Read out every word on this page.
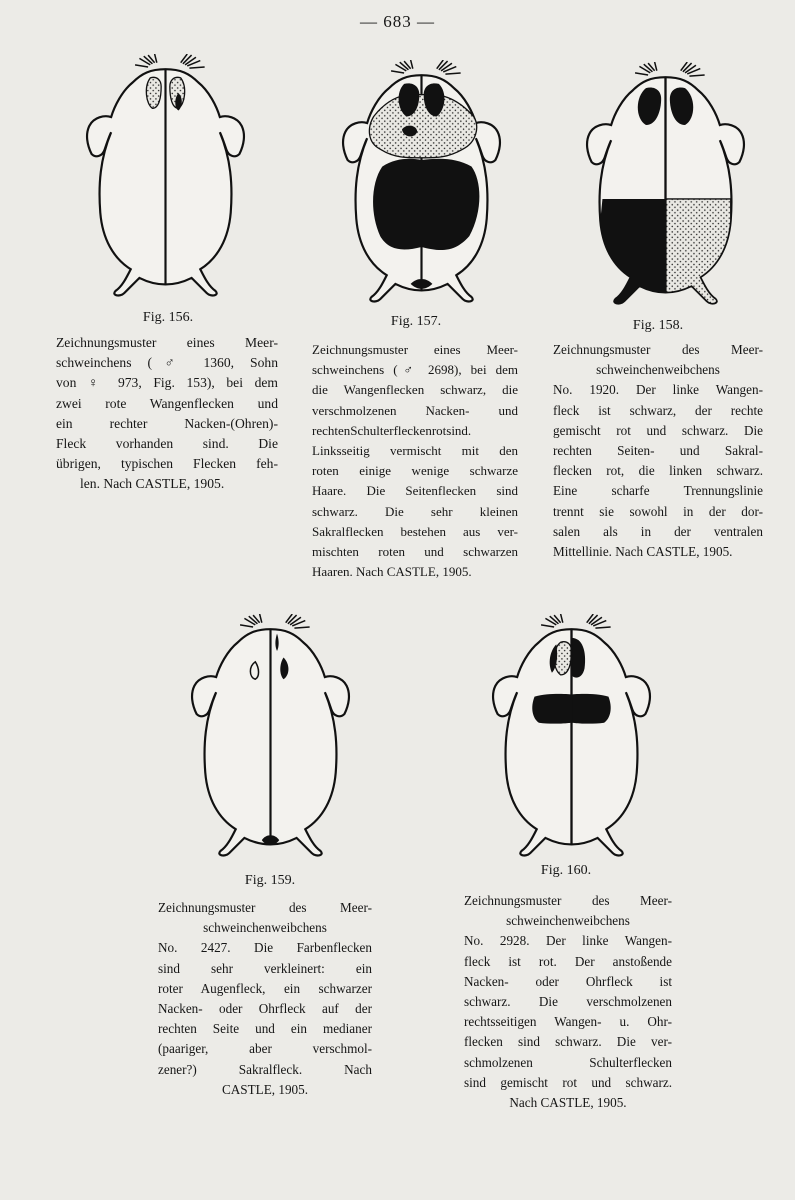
— 683 —
Fig. 156.
Zeichnungsmuster eines Meer-
schweinchens (♂ 1360, Sohn
von ♀ 973, Fig. 153), bei dem
zwei rote Wangenflecken und
ein rechter Nacken-(Ohren)-
Fleck vorhanden sind. Die
übrigen, typischen Flecken feh-
len. Nach CASTLE, 1905.
Fig. 157.
Zeichnungsmuster eines Meer-
schweinchens (♂ 2698), bei dem
die Wangenflecken schwarz, die
verschmolzenen Nacken- und
rechtenSchulterfleckenrotsind.
Linksseitig vermischt mit den
roten einige wenige schwarze
Haare. Die Seitenflecken sind
schwarz. Die sehr kleinen
Sakralflecken bestehen aus ver-
mischten roten und schwarzen
Haaren. Nach CASTLE, 1905.
Fig. 158.
Zeichnungsmuster des Meer-
schweinchenweibchens
No. 1920. Der linke Wangen-
fleck ist schwarz, der rechte
gemischt rot und schwarz. Die
rechten Seiten- und Sakral-
flecken rot, die linken schwarz.
Eine scharfe Trennungslinie
trennt sie sowohl in der dor-
salen als in der ventralen
Mittellinie. Nach CASTLE, 1905.
Fig. 159.
Zeichnungsmuster des Meer-
schweinchenweibchens
No. 2427. Die Farbenflecken
sind sehr verkleinert: ein
roter Augenfleck, ein schwarzer
Nacken- oder Ohrfleck auf der
rechten Seite und ein medianer
(paariger, aber verschmol-
zener?) Sakralfleck. Nach
CASTLE, 1905.
Fig. 160.
Zeichnungsmuster des Meer-
schweinchenweibchens
No. 2928. Der linke Wangen-
fleck ist rot. Der anstoßende
Nacken- oder Ohrfleck ist
schwarz. Die verschmolzenen
rechtsseitigen Wangen- u. Ohr-
flecken sind schwarz. Die ver-
schmolzenen Schulterflecken
sind gemischt rot und schwarz.
Nach CASTLE, 1905.
